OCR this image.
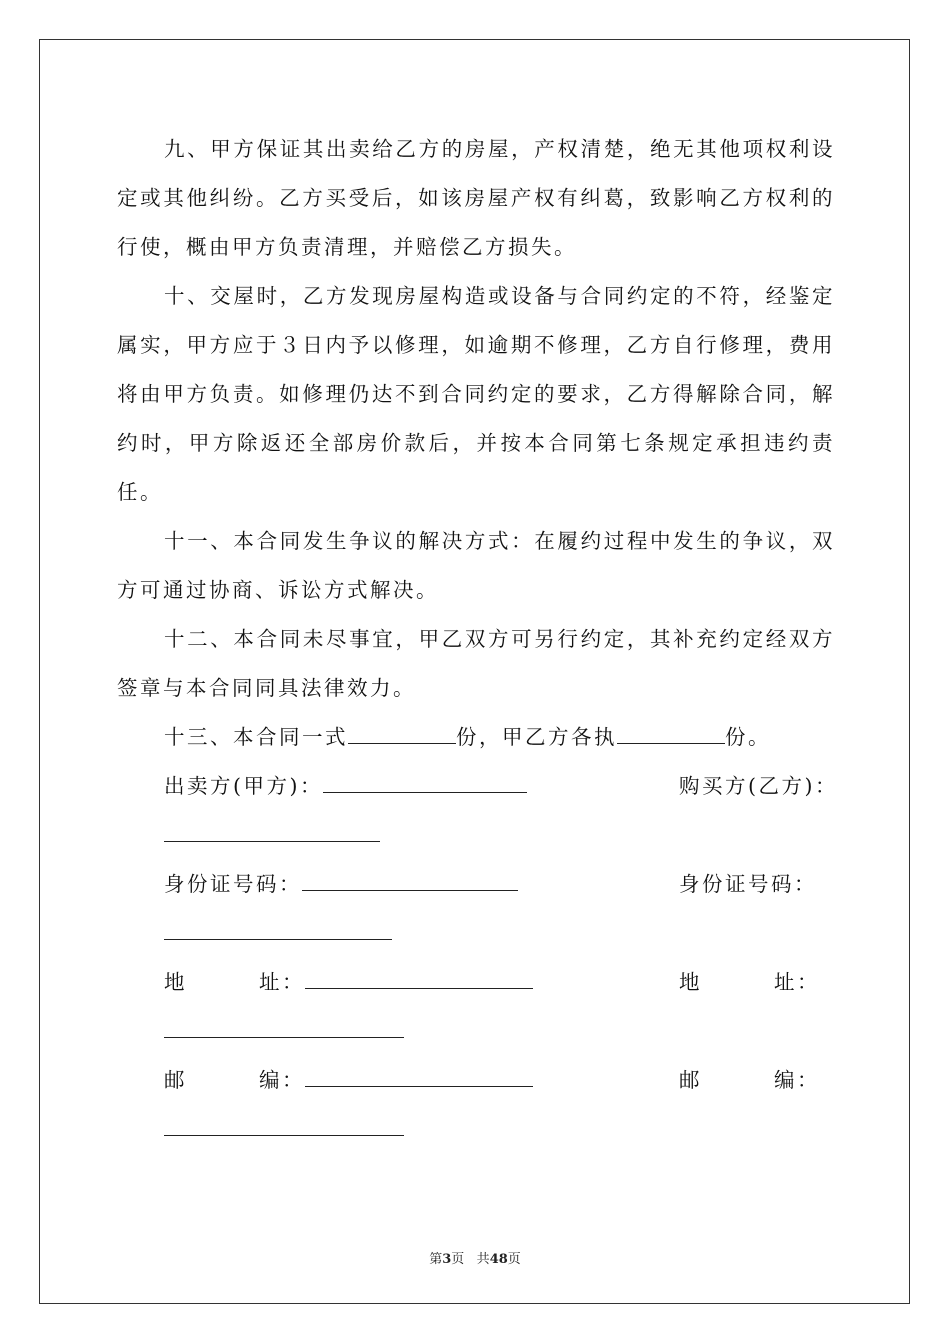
九、甲方保证其出卖给乙方的房屋，产权清楚，绝无其他项权利设定或其他纠纷。乙方买受后，如该房屋产权有纠葛，致影响乙方权利的行使，概由甲方负责清理，并赔偿乙方损失。

十、交屋时，乙方发现房屋构造或设备与合同约定的不符，经鉴定属实，甲方应于３日内予以修理，如逾期不修理，乙方自行修理，费用将由甲方负责。如修理仍达不到合同约定的要求，乙方得解除合同，解约时，甲方除返还全部房价款后，并按本合同第七条规定承担违约责任。

十一、本合同发生争议的解决方式：在履约过程中发生的争议，双方可通过协商、诉讼方式解决。

十二、本合同未尽事宜，甲乙双方可另行约定，其补充约定经双方签章与本合同同具法律效力。

十三、本合同一式	份，甲乙方各执	份。

出卖方(甲方)：	购买方(乙方)：
身份证号码：	身份证号码：
地	址：	地	址：
邮	编：	邮	编：
第3页 共48页
